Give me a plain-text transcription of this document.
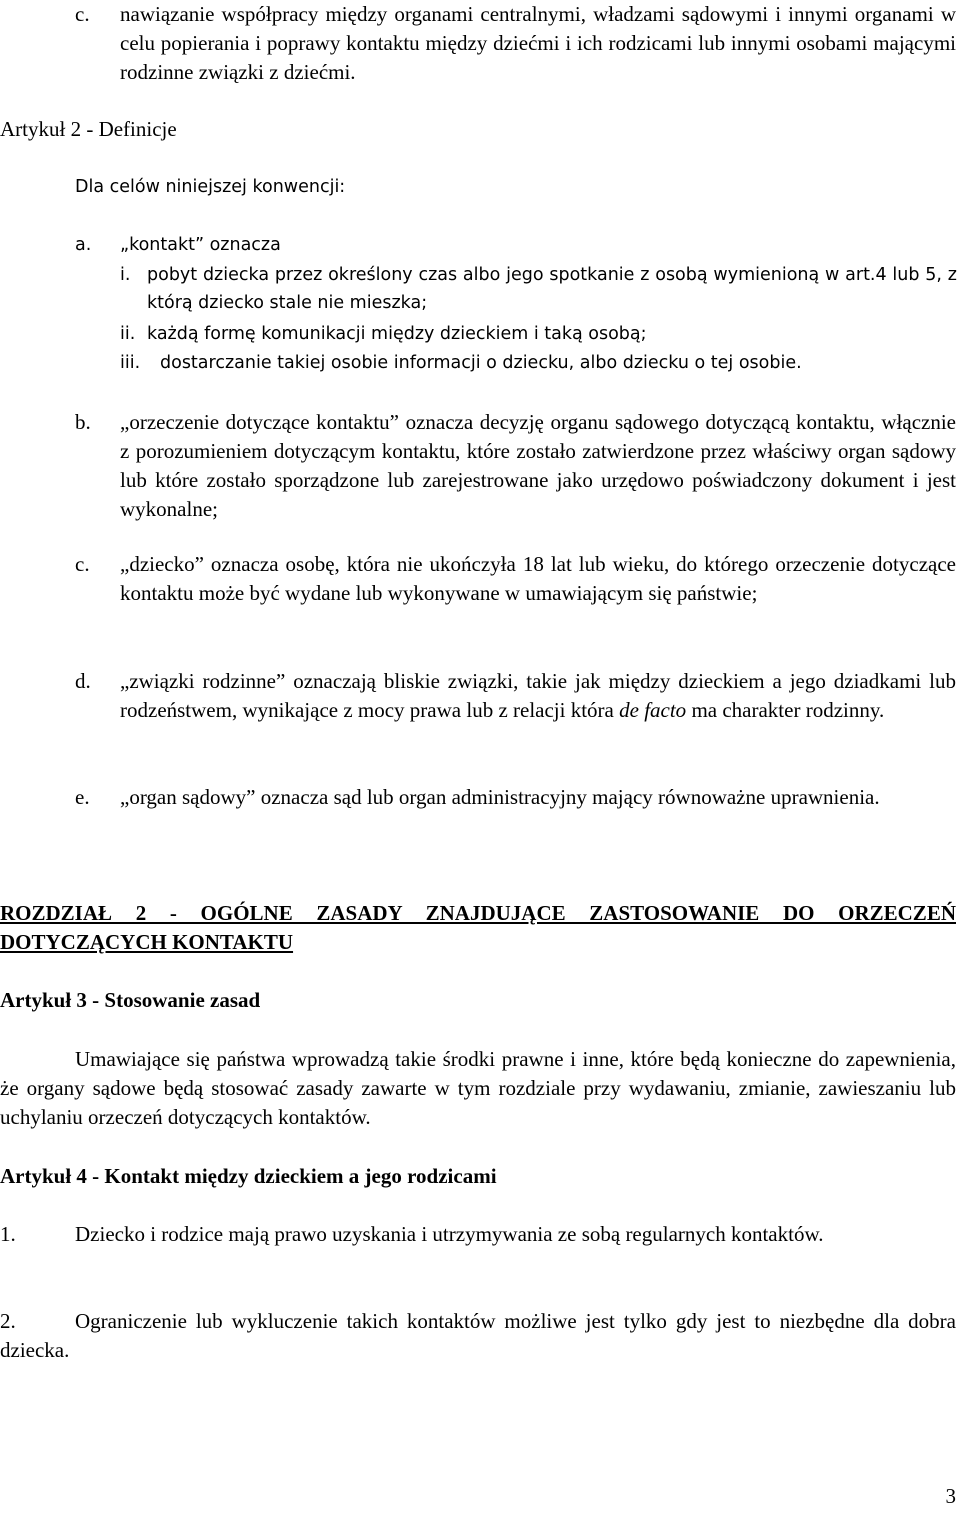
c. nawiązanie współpracy między organami centralnymi, władzami sądowymi i innymi organami w celu popierania i poprawy kontaktu między dziećmi i ich rodzicami lub innymi osobami mającymi rodzinne związki z dziećmi.
Artykuł 2 - Definicje
Dla celów niniejszej konwencji:
a. „kontakt” oznacza
i. pobyt dziecka przez określony czas albo jego spotkanie z osobą wymienioną w art.4 lub 5, z którą dziecko stale nie mieszka;
ii. każdą formę komunikacji między dzieckiem i taką osobą;
iii. dostarczanie takiej osobie informacji o dziecku, albo dziecku o tej osobie.
b. „orzeczenie dotyczące kontaktu” oznacza decyzję organu sądowego dotyczącą kontaktu, włącznie z porozumieniem dotyczącym kontaktu, które zostało zatwierdzone przez właściwy organ sądowy lub które zostało sporządzone lub zarejestrowane jako urzędowo poświadczony dokument i jest wykonalne;
c. „dziecko” oznacza osobę, która nie ukończyła 18 lat lub wieku, do którego orzeczenie dotyczące kontaktu może być wydane lub wykonywane w umawiającym się państwie;
d. „związki rodzinne” oznaczają bliskie związki, takie jak między dzieckiem a jego dziadkami lub rodzeństwem, wynikające z mocy prawa lub z relacji która de facto ma charakter rodzinny.
e. „organ sądowy” oznacza sąd lub organ administracyjny mający równoważne uprawnienia.
ROZDZIAŁ 2 - OGÓLNE ZASADY ZNAJDUJĄCE ZASTOSOWANIE DO ORZECZEŃ DOTYCZĄCYCH KONTAKTU
Artykuł 3 - Stosowanie zasad
Umawiające się państwa wprowadzą takie środki prawne i inne, które będą konieczne do zapewnienia, że organy sądowe będą stosować zasady zawarte w tym rozdziale przy wydawaniu, zmianie, zawieszaniu lub uchylaniu orzeczeń dotyczących kontaktów.
Artykuł 4 - Kontakt między dzieckiem a jego rodzicami
1.	Dziecko i rodzice mają prawo uzyskania i utrzymywania ze sobą regularnych kontaktów.
2.	Ograniczenie lub wykluczenie takich kontaktów możliwe jest tylko gdy jest to niezbędne dla dobra dziecka.
3
